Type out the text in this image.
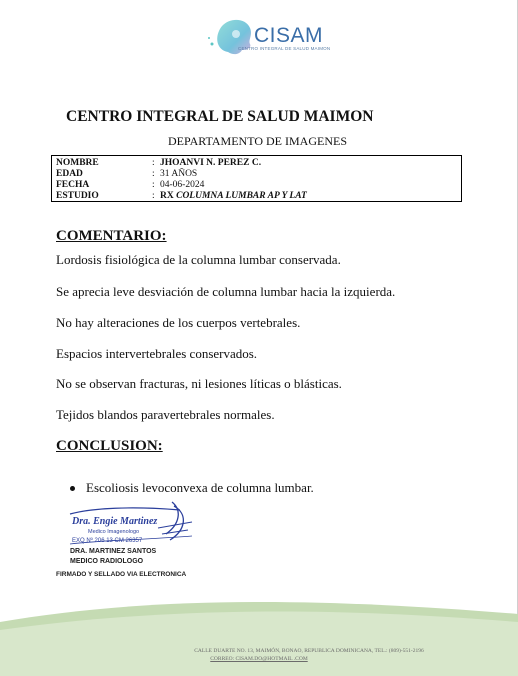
CISAM
CENTRO INTEGRAL DE SALUD MAIMON
CENTRO INTEGRAL DE SALUD MAIMON
DEPARTAMENTO DE IMAGENES
NOMBRE	: JHOANVI N. PEREZ C.
EDAD	: 31 AÑOS
FECHA	: 04-06-2024
ESTUDIO	: RX COLUMNA LUMBAR AP Y LAT
COMENTARIO:
Lordosis fisiológica de la columna lumbar conservada.
Se aprecia leve desviación de columna lumbar hacia la izquierda.
No hay alteraciones de los cuerpos vertebrales.
Espacios intervertebrales conservados.
No se observan fracturas, ni lesiones líticas o blásticas.
Tejidos blandos paravertebrales normales.
CONCLUSION:
Escoliosis levoconvexa de columna lumbar.
Dra. Engie Martinez
Medico Imagenologo
EXQ Nº 206 13 CM 26357
DRA. MARTINEZ SANTOS
MEDICO RADIOLOGO
FIRMADO Y SELLADO VIA ELECTRONICA
CALLE DUARTE NO. 13, MAIMÓN, BONAO, REPUBLICA DOMINICANA, TEL.: (809)-551-2196
CORREO: CISAM.DO@HOTMAIL .COM
